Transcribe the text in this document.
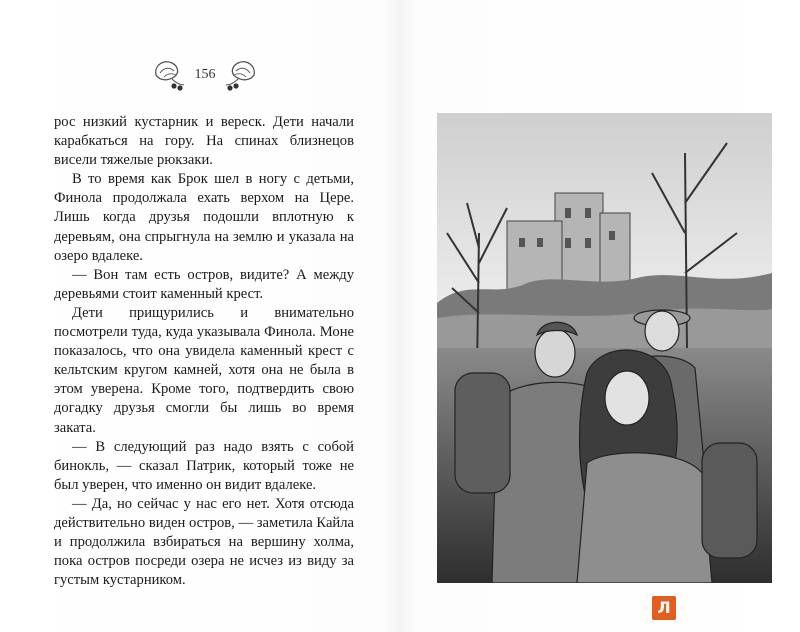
156

рос низкий кустарник и вереск. Дети начали карабкаться на гору. На спинах близнецов висели тяжелые рюкзаки.

В то время как Брок шел в ногу с детьми, Финола продолжала ехать верхом на Цере. Лишь когда друзья подошли вплотную к деревьям, она спрыгнула на землю и указала на озеро вдалеке.

— Вон там есть остров, видите? А между деревьями стоит каменный крест.

Дети прищурились и внимательно посмотрели туда, куда указывала Финола. Моне показалось, что она увидела каменный крест с кельтским кругом камней, хотя она не была в этом уверена. Кроме того, подтвердить свою догадку друзья смогли бы лишь во время заката.

— В следующий раз надо взять с собой бинокль, — сказал Патрик, который тоже не был уверен, что именно он видит вдалеке.

— Да, но сейчас у нас его нет. Хотя отсюда действительно виден остров, — заметила Кайла и продолжила взбираться на вершину холма, пока остров посреди озера не исчез из виду за густым кустарником.

Л
